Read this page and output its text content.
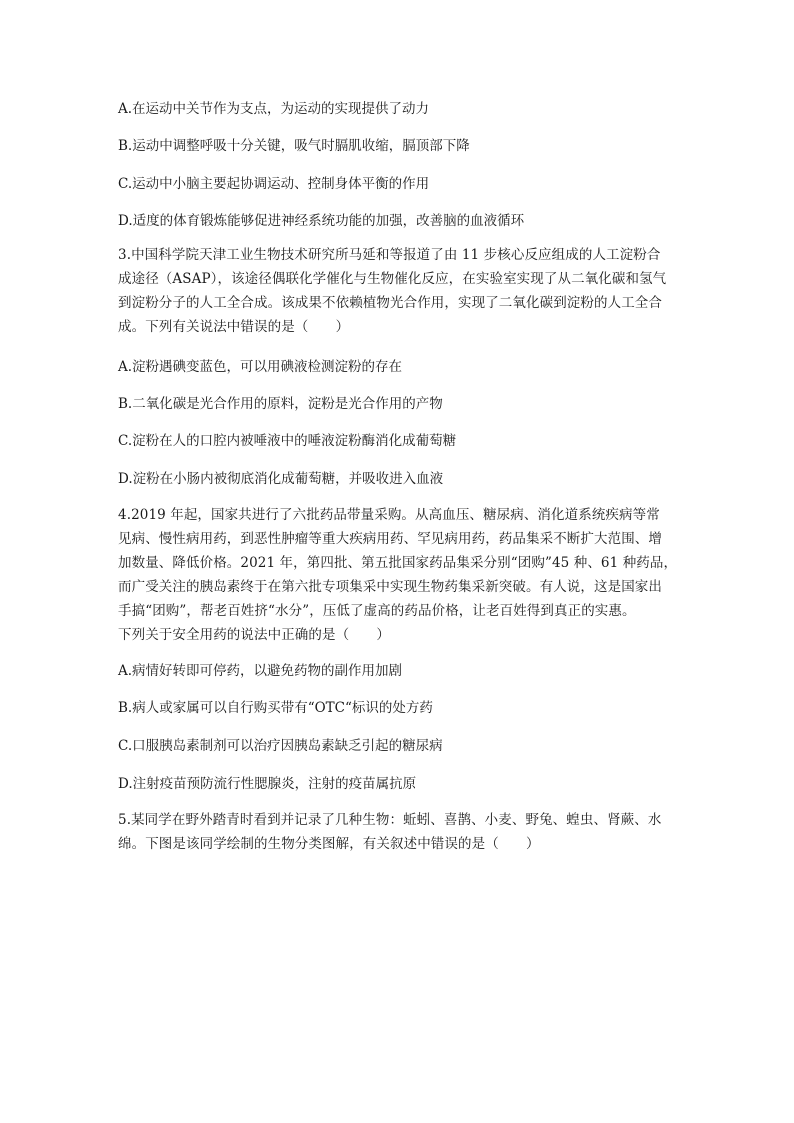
A.在运动中关节作为支点，为运动的实现提供了动力
B.运动中调整呼吸十分关键，吸气时膈肌收缩，膈顶部下降
C.运动中小脑主要起协调运动、控制身体平衡的作用
D.适度的体育锻炼能够促进神经系统功能的加强，改善脑的血液循环
3.中国科学院天津工业生物技术研究所马延和等报道了由 11 步核心反应组成的人工淀粉合
成途径（ASAP），该途径偶联化学催化与生物催化反应，在实验室实现了从二氧化碳和氢气
到淀粉分子的人工全合成。该成果不依赖植物光合作用，实现了二氧化碳到淀粉的人工全合
成。下列有关说法中错误的是（　　）
A.淀粉遇碘变蓝色，可以用碘液检测淀粉的存在
B.二氧化碳是光合作用的原料，淀粉是光合作用的产物
C.淀粉在人的口腔内被唾液中的唾液淀粉酶消化成葡萄糖
D.淀粉在小肠内被彻底消化成葡萄糖，并吸收进入血液
4.2019 年起，国家共进行了六批药品带量采购。从高血压、糖尿病、消化道系统疾病等常
见病、慢性病用药，到恶性肿瘤等重大疾病用药、罕见病用药，药品集采不断扩大范围、增
加数量、降低价格。2021 年，第四批、第五批国家药品集采分别“团购”45 种、61 种药品，
而广受关注的胰岛素终于在第六批专项集采中实现生物药集采新突破。有人说，这是国家出
手搞“团购”，帮老百姓挤“水分”，压低了虚高的药品价格，让老百姓得到真正的实惠。
下列关于安全用药的说法中正确的是（　　）
A.病情好转即可停药，以避免药物的副作用加剧
B.病人或家属可以自行购买带有“OTC“标识的处方药
C.口服胰岛素制剂可以治疗因胰岛素缺乏引起的糖尿病
D.注射疫苗预防流行性腮腺炎，注射的疫苗属抗原
5.某同学在野外踏青时看到并记录了几种生物：蚯蚓、喜鹊、小麦、野兔、蝗虫、肾蕨、水
绵。下图是该同学绘制的生物分类图解，有关叙述中错误的是（　　）
